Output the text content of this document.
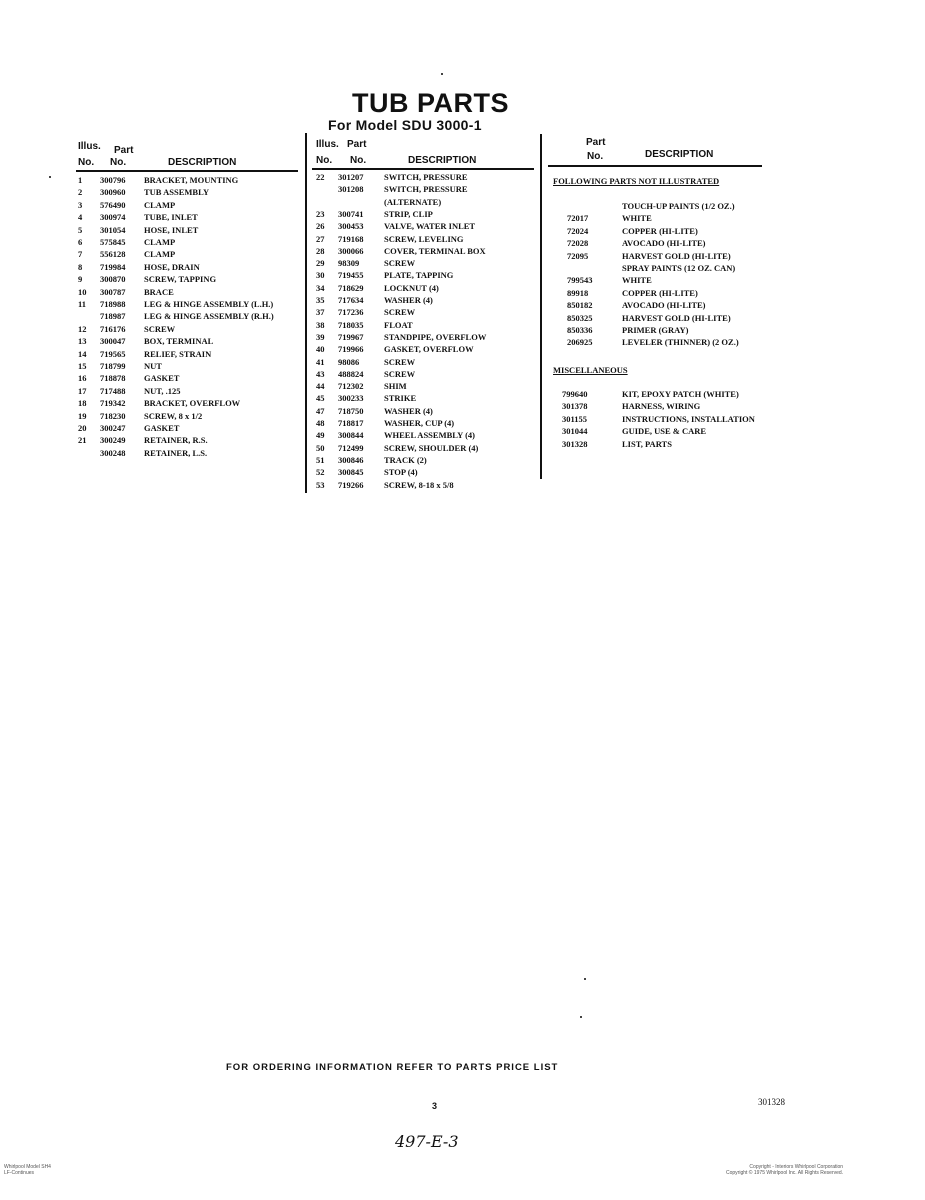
TUB PARTS
For Model SDU 3000-1
Illus. Part
No. No.	DESCRIPTION
1 300796 BRACKET, MOUNTING
2 300960 TUB ASSEMBLY
3 576490 CLAMP
4 300974 TUBE, INLET
5 301054 HOSE, INLET
6 575845 CLAMP
7 556128 CLAMP
8 719984 HOSE, DRAIN
9 300870 SCREW, TAPPING
10 300787 BRACE
11 718988 LEG & HINGE ASSEMBLY (L.H.)
718987 LEG & HINGE ASSEMBLY (R.H.)
12 716176 SCREW
13 300047 BOX, TERMINAL
14 719565 RELIEF, STRAIN
15 718799 NUT
16 718878 GASKET
17 717488 NUT, .125
18 719342 BRACKET, OVERFLOW
19 718230 SCREW, 8 x 1/2
20 300247 GASKET
21 300249 RETAINER, R.S.
300248 RETAINER, L.S.
Illus. Part
No. No.	DESCRIPTION
22 301207 SWITCH, PRESSURE
301208 SWITCH, PRESSURE
(ALTERNATE)
23 300741 STRIP, CLIP
26 300453 VALVE, WATER INLET
27 719168 SCREW, LEVELING
28 300066 COVER, TERMINAL BOX
29 98309	SCREW
30 719455 PLATE, TAPPING
34 718629 LOCKNUT (4)
35 717634 WASHER (4)
37 717236 SCREW
38 718035 FLOAT
39 719967 STANDPIPE, OVERFLOW
40 719966 GASKET, OVERFLOW
41 98086	SCREW
43 488824 SCREW
44 712302 SHIM
45 300233 STRIKE
47 718750 WASHER (4)
48 718817 WASHER, CUP (4)
49 300844 WHEEL ASSEMBLY (4)
50 712499 SCREW, SHOULDER (4)
51 300846 TRACK (2)
52 300845 STOP (4)
53 719266 SCREW, 8-18 x 5/8
Part
No.	DESCRIPTION
FOLLOWING PARTS NOT ILLUSTRATED
TOUCH-UP PAINTS (1/2 OZ.)
72017	WHITE
72024	COPPER (HI-LITE)
72028	AVOCADO (HI-LITE)
72095	HARVEST GOLD (HI-LITE)
SPRAY PAINTS (12 OZ. CAN)
799543	WHITE
89918	COPPER (HI-LITE)
850182	AVOCADO (HI-LITE)
850325	HARVEST GOLD (HI-LITE)
850336	PRIMER (GRAY)
206925	LEVELER (THINNER) (2 OZ.)
MISCELLANEOUS
799640	KIT, EPOXY PATCH (WHITE)
301378	HARNESS, WIRING
301155	INSTRUCTIONS, INSTALLATION
301044	GUIDE, USE & CARE
301328	LIST, PARTS
FOR ORDERING INFORMATION REFER TO PARTS PRICE LIST
3	301328
497-E-3
Whirlpool Model SH4
LF-Continues
Copyright - Interiors Whirlpool Corporation
Copyright © 1975 Whirlpool Inc. All Rights Reserved.
